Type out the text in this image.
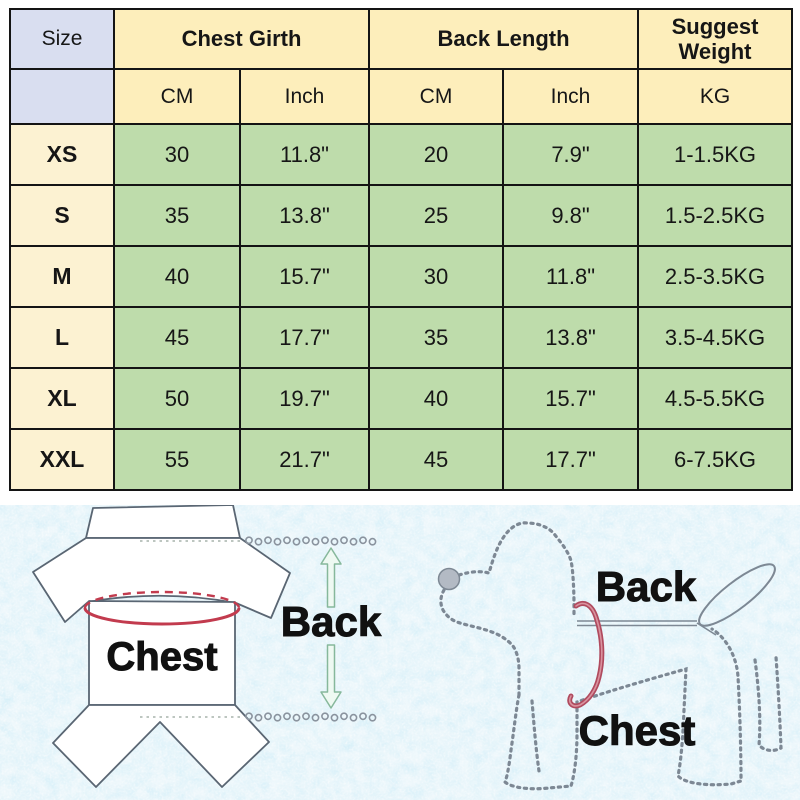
Size	Chest Girth		Back Length		Suggest Weight
	CM	Inch	CM	Inch	KG
XS	30	11.8"	20	7.9"	1-1.5KG
S	35	13.8"	25	9.8"	1.5-2.5KG
M	40	15.7"	30	11.8"	2.5-3.5KG
L	45	17.7"	35	13.8"	3.5-4.5KG
XL	50	19.7"	40	15.7"	4.5-5.5KG
XXL	55	21.7"	45	17.7"	6-7.5KG
Chest
Back
Back
Chest
